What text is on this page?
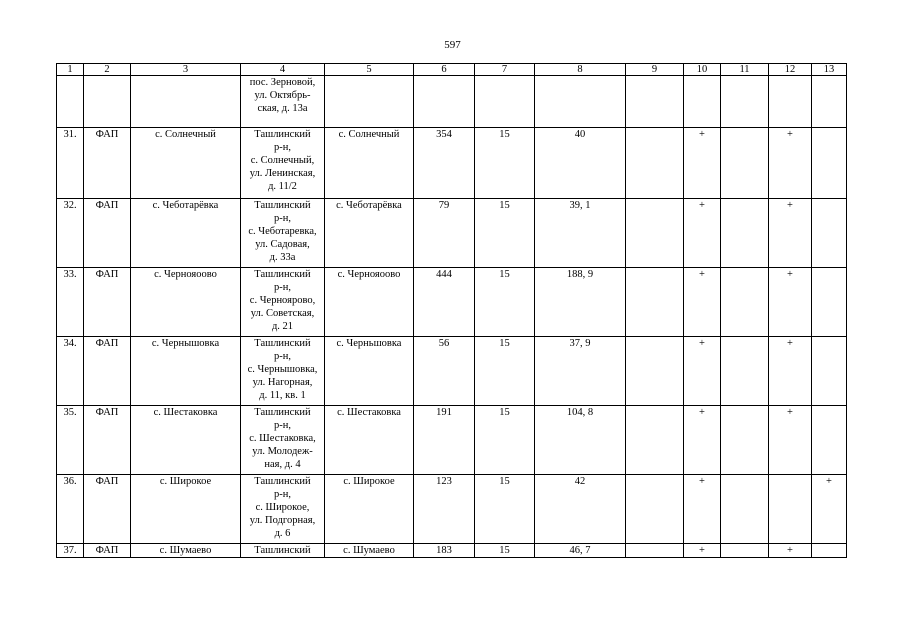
597
1	2	3	4	5	6	7	8	9	10	11	12	13

			пос. Зерновой,
ул. Октябрь-
ская, д. 13а									

31.	ФАП	с. Солнечный	Ташлинский
р-н,
с. Солнечный,
ул. Ленинская,
д. 11/2	с. Солнечный	354	15	40		+		+	
32.	ФАП	с. Чеботарёвка	Ташлинский
р-н,
с. Чеботаревка,
ул. Садовая,
д. 33а	с. Чеботарёвка	79	15	39, 1		+		+	
33.	ФАП	с. Чернояоово	Ташлинский
р-н,
с. Черноярово,
ул. Советская,
д. 21	с. Чернояоово	444	15	188, 9		+		+	
34.	ФАП	с. Чернышовка	Ташлинский
р-н,
с. Чернышовка,
ул. Нагорная,
д. 11, кв. 1	с. Черньшовка	56	15	37, 9		+		+	
35.	ФАП	с. Шестаковка	Ташлинский
р-н,
с. Шестаковка,
ул. Молодеж-
ная, д. 4	с. Шестаковка	191	15	104, 8		+		+	
36.	ФАП	с. Широкое	Ташлинский
р-н,
с. Широкое,
ул. Подгорная,
д. 6	с. Широкое	123	15	42		+			+
37.	ФАП	с. Шумаево	Ташлинский	с. Шумаево	183	15	46, 7		+		+	
